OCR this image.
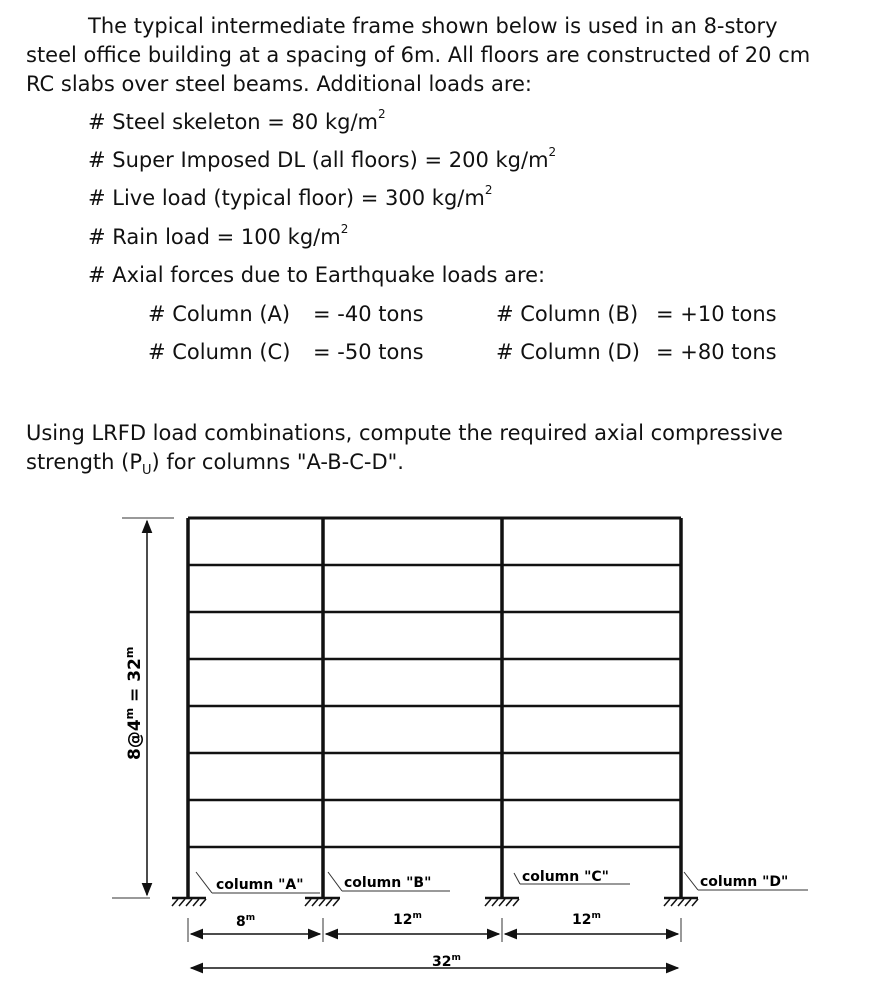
The typical intermediate frame shown below is used in an 8-story
steel office building at a spacing of 6m. All floors are constructed of 20 cm
RC slabs over steel beams. Additional loads are:
# Steel skeleton = 80 $kg/m^2$
# Super Imposed DL (all floors) = 200 $kg/m^2$
# Live load (typical floor) = 300 $kg/m^2$
# Rain load = 100 $kg/m^2$
# Axial forces due to Earthquake loads are:
# Column (A) = -40 tons	# Column (B) = +10 tons
# Column (C) = -50 tons	# Column (D) = +80 tons
Using LRFD load combinations, compute the required axial compressive
strength $(P_U)$ for columns "A-B-C-D".
$8@4^m = 32^m$
column "A"	column "B"	column "C"	column "D"
8$^m$	12$^m$	12$^m$
32$^m$
